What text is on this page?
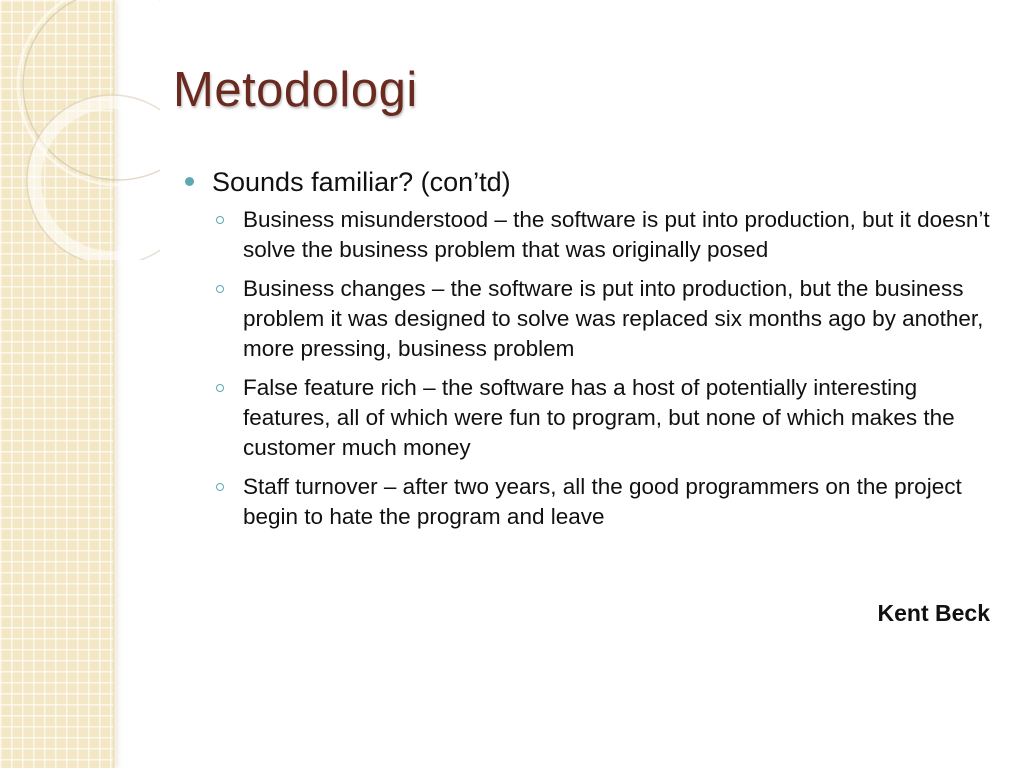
Metodologi
Sounds familiar? (con’td)
Business misunderstood – the software is put into production, but it doesn’t solve the business problem that was originally posed
Business changes – the software is put into production, but the business problem it was designed to solve was replaced six months ago by another, more pressing, business problem
False feature rich – the software has a host of potentially interesting features, all of which were fun to program, but none of which makes the customer much money
Staff turnover – after two years, all the good programmers on the project begin to hate the program and leave
Kent Beck
